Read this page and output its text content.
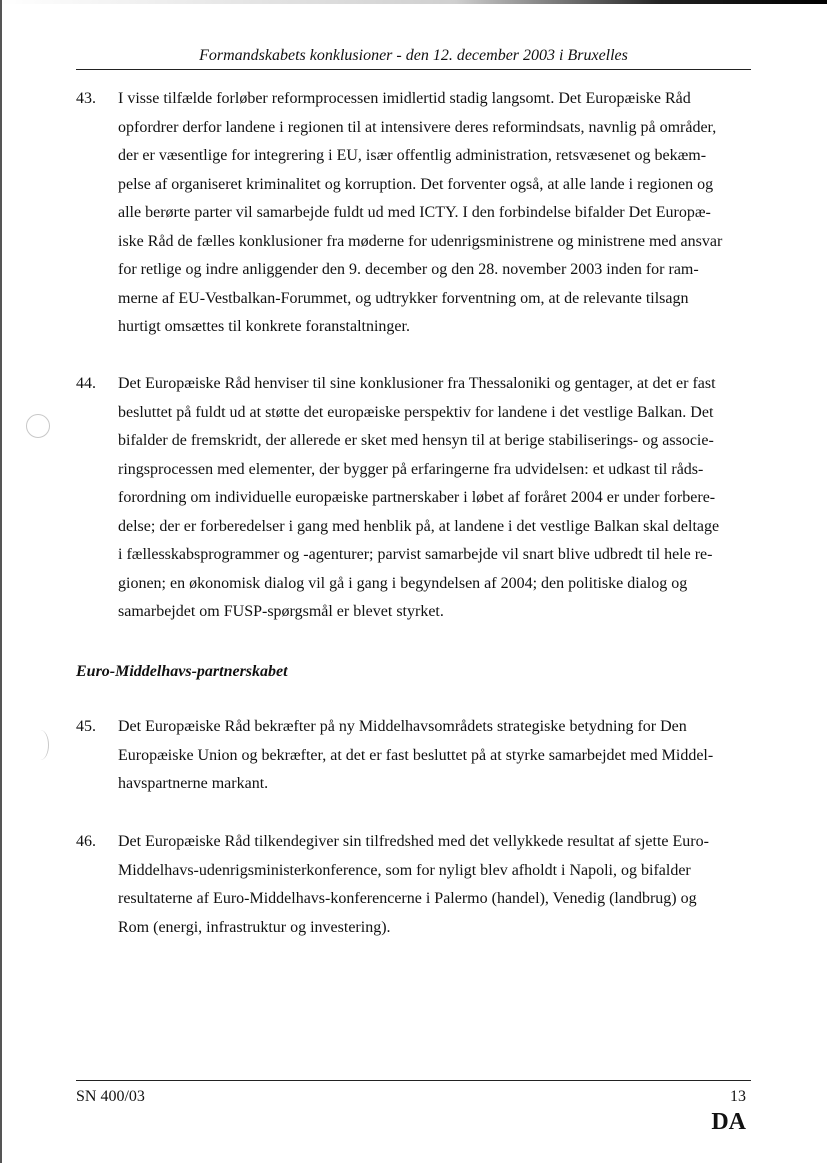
Formandskabets konklusioner - den 12. december 2003 i Bruxelles
43.	I visse tilfælde forløber reformprocessen imidlertid stadig langsomt. Det Europæiske Råd
opfordrer derfor landene i regionen til at intensivere deres reformindsats, navnlig på områder,
der er væsentlige for integrering i EU, især offentlig administration, retsvæsenet og bekæm-
pelse af organiseret kriminalitet og korruption. Det forventer også, at alle lande i regionen og
alle berørte parter vil samarbejde fuldt ud med ICTY. I den forbindelse bifalder Det Europæ-
iske Råd de fælles konklusioner fra møderne for udenrigsministrene og ministrene med ansvar
for retlige og indre anliggender den 9. december og den 28. november 2003 inden for ram-
merne af EU-Vestbalkan-Forummet, og udtrykker forventning om, at de relevante tilsagn
hurtigt omsættes til konkrete foranstaltninger.
44.	Det Europæiske Råd henviser til sine konklusioner fra Thessaloniki og gentager, at det er fast
besluttet på fuldt ud at støtte det europæiske perspektiv for landene i det vestlige Balkan. Det
bifalder de fremskridt, der allerede er sket med hensyn til at berige stabiliserings- og associe-
ringsprocessen med elementer, der bygger på erfaringerne fra udvidelsen: et udkast til råds-
forordning om individuelle europæiske partnerskaber i løbet af foråret 2004 er under forbere-
delse; der er forberedelser i gang med henblik på, at landene i det vestlige Balkan skal deltage
i fællesskabsprogrammer og -agenturer; parvist samarbejde vil snart blive udbredt til hele re-
gionen; en økonomisk dialog vil gå i gang i begyndelsen af 2004; den politiske dialog og
samarbejdet om FUSP-spørgsmål er blevet styrket.
Euro-Middelhavs-partnerskabet
45.	Det Europæiske Råd bekræfter på ny Middelhavsområdets strategiske betydning for Den
Europæiske Union og bekræfter, at det er fast besluttet på at styrke samarbejdet med Middel-
havspartnerne markant.
46.	Det Europæiske Råd tilkendegiver sin tilfredshed med det vellykkede resultat af sjette Euro-
Middelhavs-udenrigsministerkonference, som for nyligt blev afholdt i Napoli, og bifalder
resultaterne af Euro-Middelhavs-konferencerne i Palermo (handel), Venedig (landbrug) og
Rom (energi, infrastruktur og investering).
SN 400/03	13
DA
